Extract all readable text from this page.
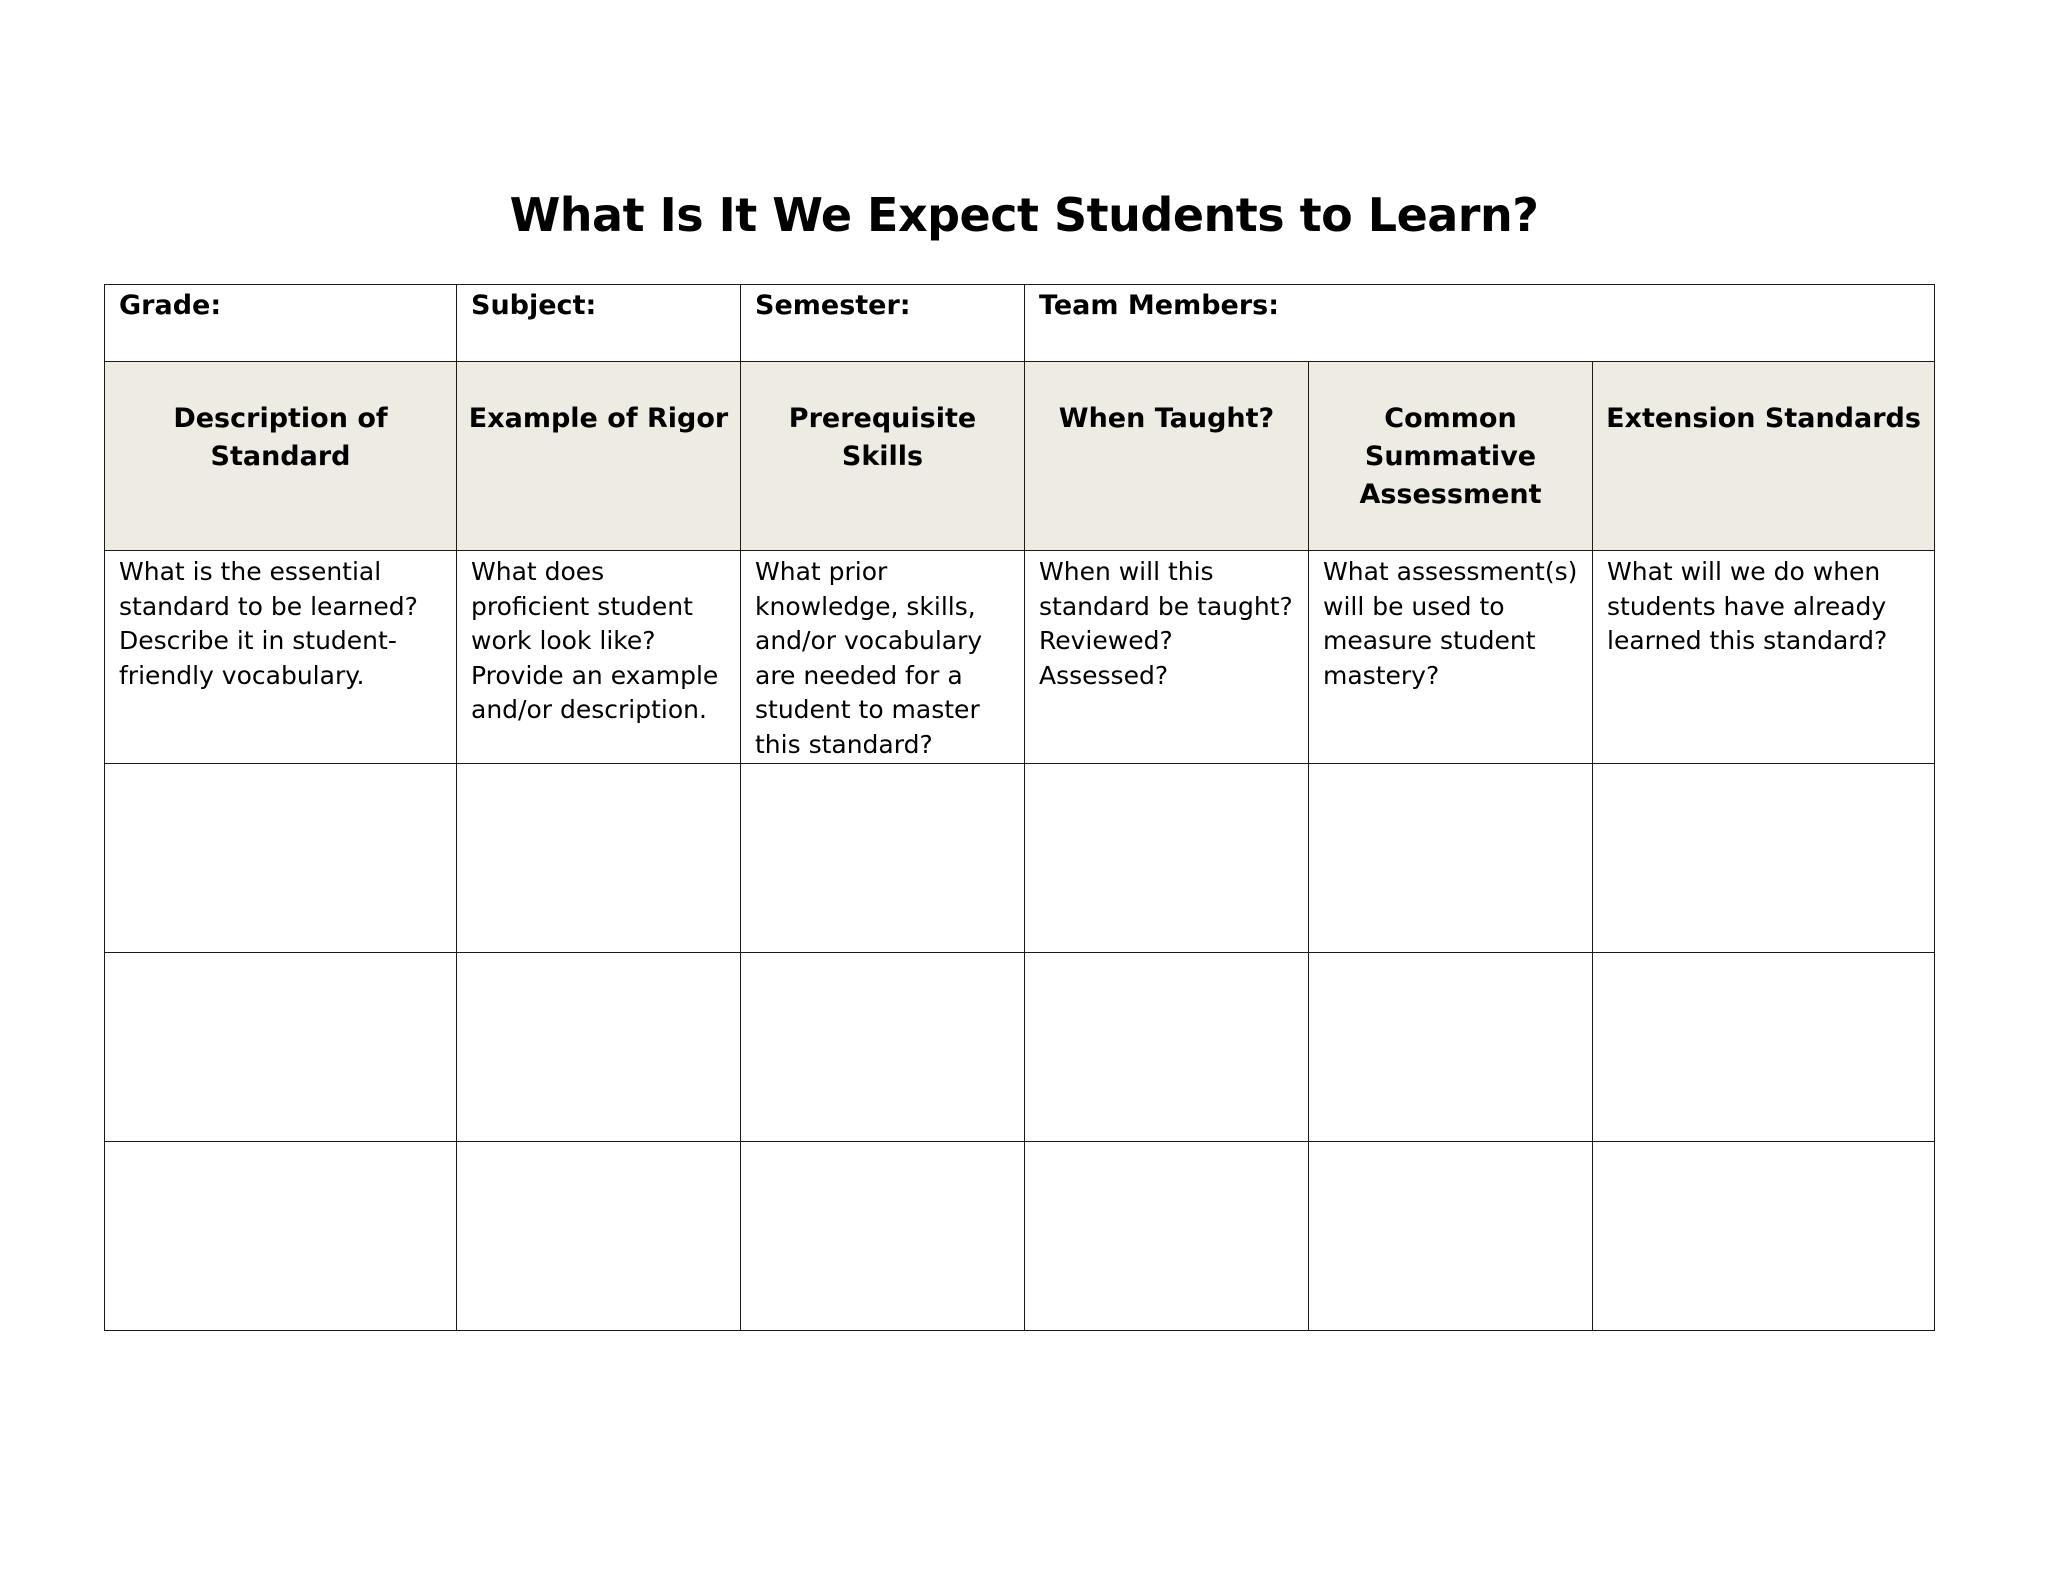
What Is It We Expect Students to Learn?
Grade:	Subject:	Semester:	Team Members:		

Description of Standard	Example of Rigor	Prerequisite Skills	When Taught?	Common Summative Assessment	Extension Standards

What is the essential standard to be learned? Describe it in student-friendly vocabulary.	What does proficient student work look like? Provide an example and/or description.	What prior knowledge, skills, and/or vocabulary are needed for a student to master this standard?	When will this standard be taught? Reviewed? Assessed?	What assessment(s) will be used to measure student mastery?	What will we do when students have already learned this standard?
